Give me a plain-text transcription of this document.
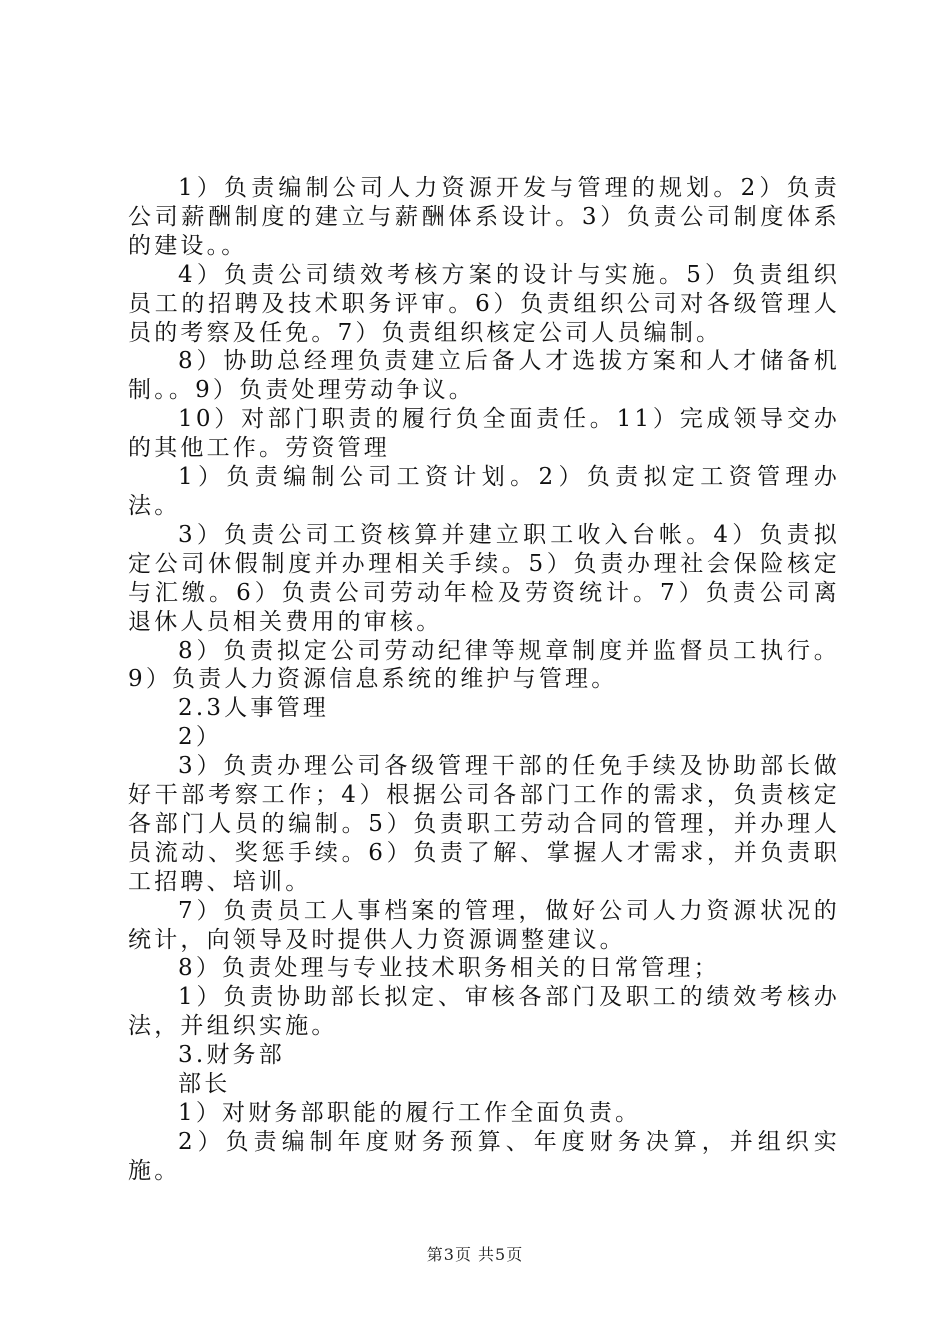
1）负责编制公司人力资源开发与管理的规划。2）负责公司薪酬制度的建立与薪酬体系设计。3）负责公司制度体系的建设。。

4）负责公司绩效考核方案的设计与实施。5）负责组织员工的招聘及技术职务评审。6）负责组织公司对各级管理人员的考察及任免。7）负责组织核定公司人员编制。

8）协助总经理负责建立后备人才选拔方案和人才储备机制。。9）负责处理劳动争议。

10）对部门职责的履行负全面责任。11）完成领导交办的其他工作。劳资管理

1）负责编制公司工资计划。2）负责拟定工资管理办法。

3）负责公司工资核算并建立职工收入台帐。4）负责拟定公司休假制度并办理相关手续。5）负责办理社会保险核定与汇缴。6）负责公司劳动年检及劳资统计。7）负责公司离退休人员相关费用的审核。

8）负责拟定公司劳动纪律等规章制度并监督员工执行。9）负责人力资源信息系统的维护与管理。

2.3人事管理

2）

3）负责办理公司各级管理干部的任免手续及协助部长做好干部考察工作；4）根据公司各部门工作的需求，负责核定各部门人员的编制。5）负责职工劳动合同的管理，并办理人员流动、奖惩手续。6）负责了解、掌握人才需求，并负责职工招聘、培训。

7）负责员工人事档案的管理，做好公司人力资源状况的统计，向领导及时提供人力资源调整建议。

8）负责处理与专业技术职务相关的日常管理；

1）负责协助部长拟定、审核各部门及职工的绩效考核办法，并组织实施。

3.财务部

部长

1）对财务部职能的履行工作全面负责。

2）负责编制年度财务预算、年度财务决算，并组织实施。

第3页 共5页
